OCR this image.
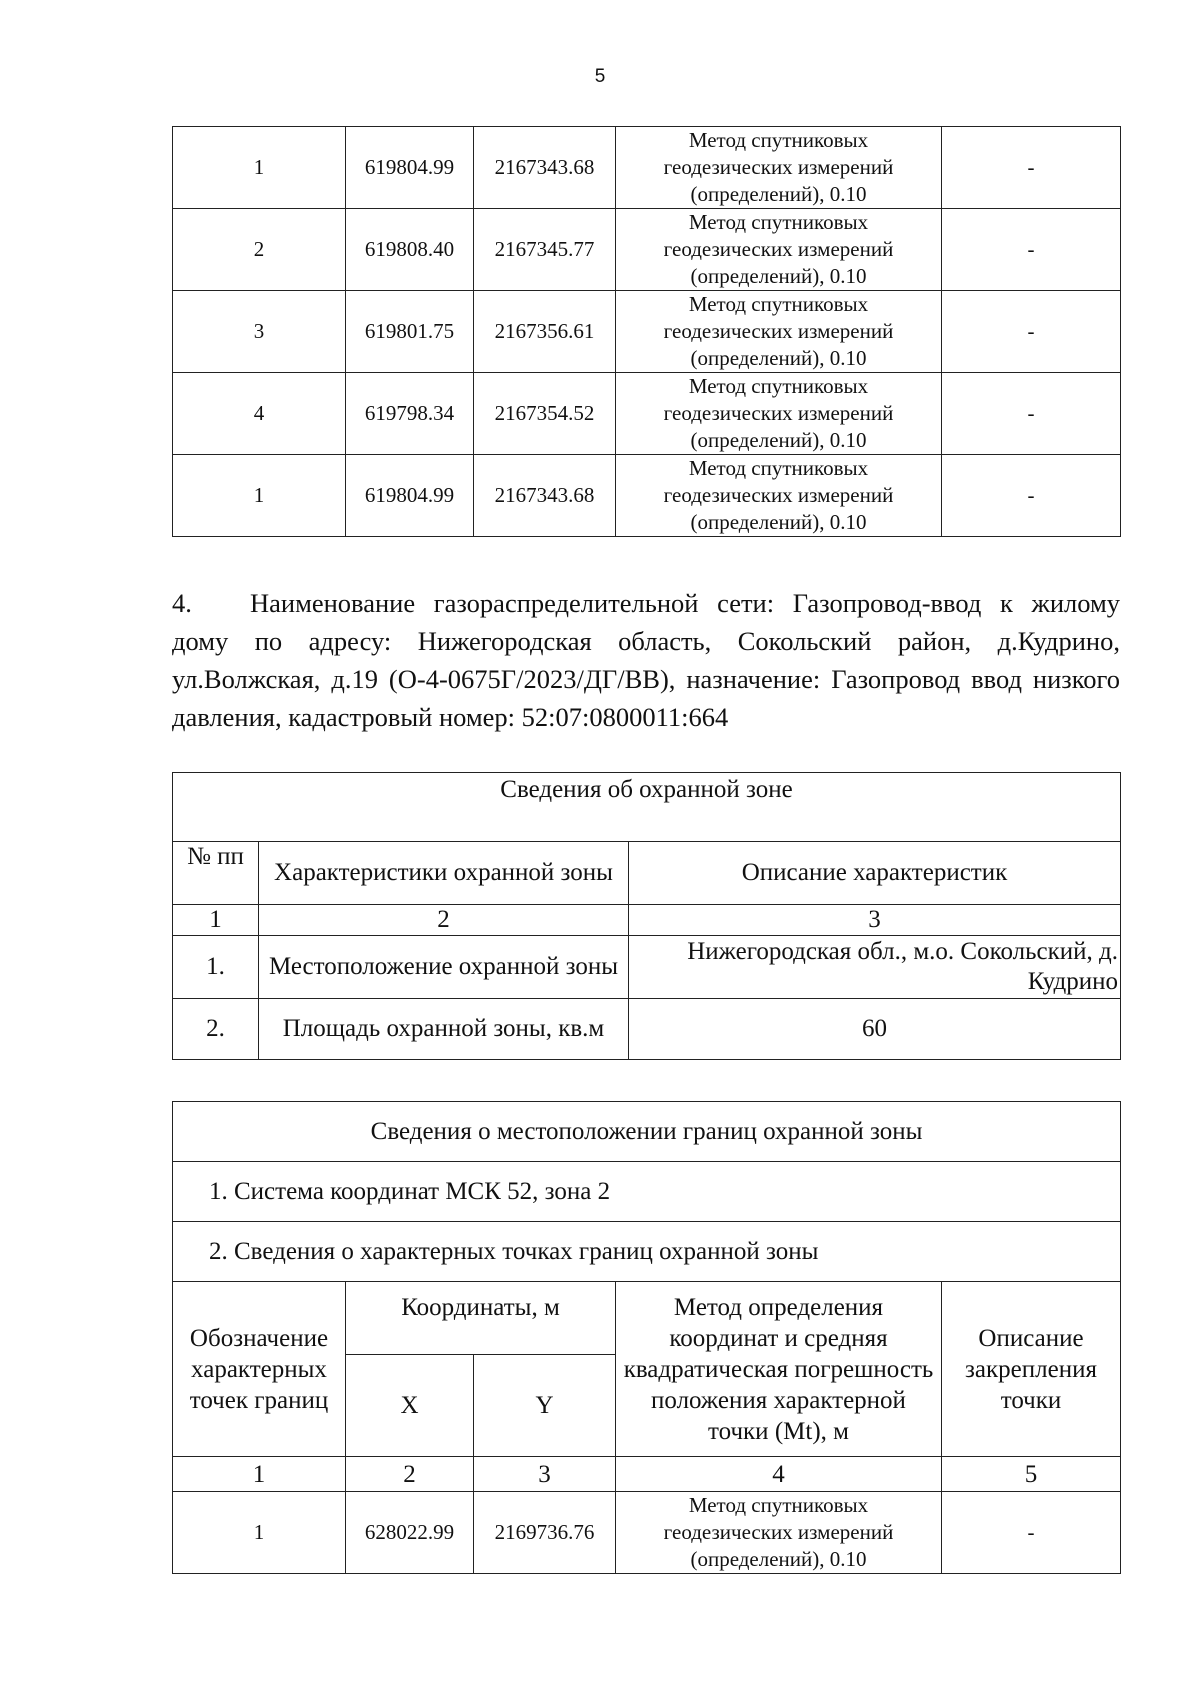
5
1	619804.99	2167343.68	Метод спутниковых
геодезических измерений
(определений), 0.10	-
2	619808.40	2167345.77	Метод спутниковых
геодезических измерений
(определений), 0.10	-
3	619801.75	2167356.61	Метод спутниковых
геодезических измерений
(определений), 0.10	-
4	619798.34	2167354.52	Метод спутниковых
геодезических измерений
(определений), 0.10	-
1	619804.99	2167343.68	Метод спутниковых
геодезических измерений
(определений), 0.10	-

4. Наименование газораспределительной сети: Газопровод-ввод к жилому дому по адресу: Нижегородская область, Сокольский район, д.Кудрино, ул.Волжская, д.19 (О-4-0675Г/2023/ДГ/ВВ), назначение: Газопровод ввод низкого давления, кадастровый номер: 52:07:0800011:664

Сведения об охранной зоне		
№ пп	Характеристики охранной зоны	Описание характеристик
1	2	3
1.	Местоположение охранной зоны	Нижегородская обл., м.о. Сокольский, д. Кудрино
2.	Площадь охранной зоны, кв.м	60
Сведения о местоположении границ охранной зоны				
1. Система координат МСК 52, зона 2				
2. Сведения о характерных точках границ охранной зоны				
Обозначение характерных точек границ	Координаты, м		Метод определения координат и средняя квадратическая погрешность положения характерной точки (Mt), м	Описание закрепления точки
	X	Y		
1	2	3	4	5
1	628022.99	2169736.76	Метод спутниковых
геодезических измерений
(определений), 0.10	-
